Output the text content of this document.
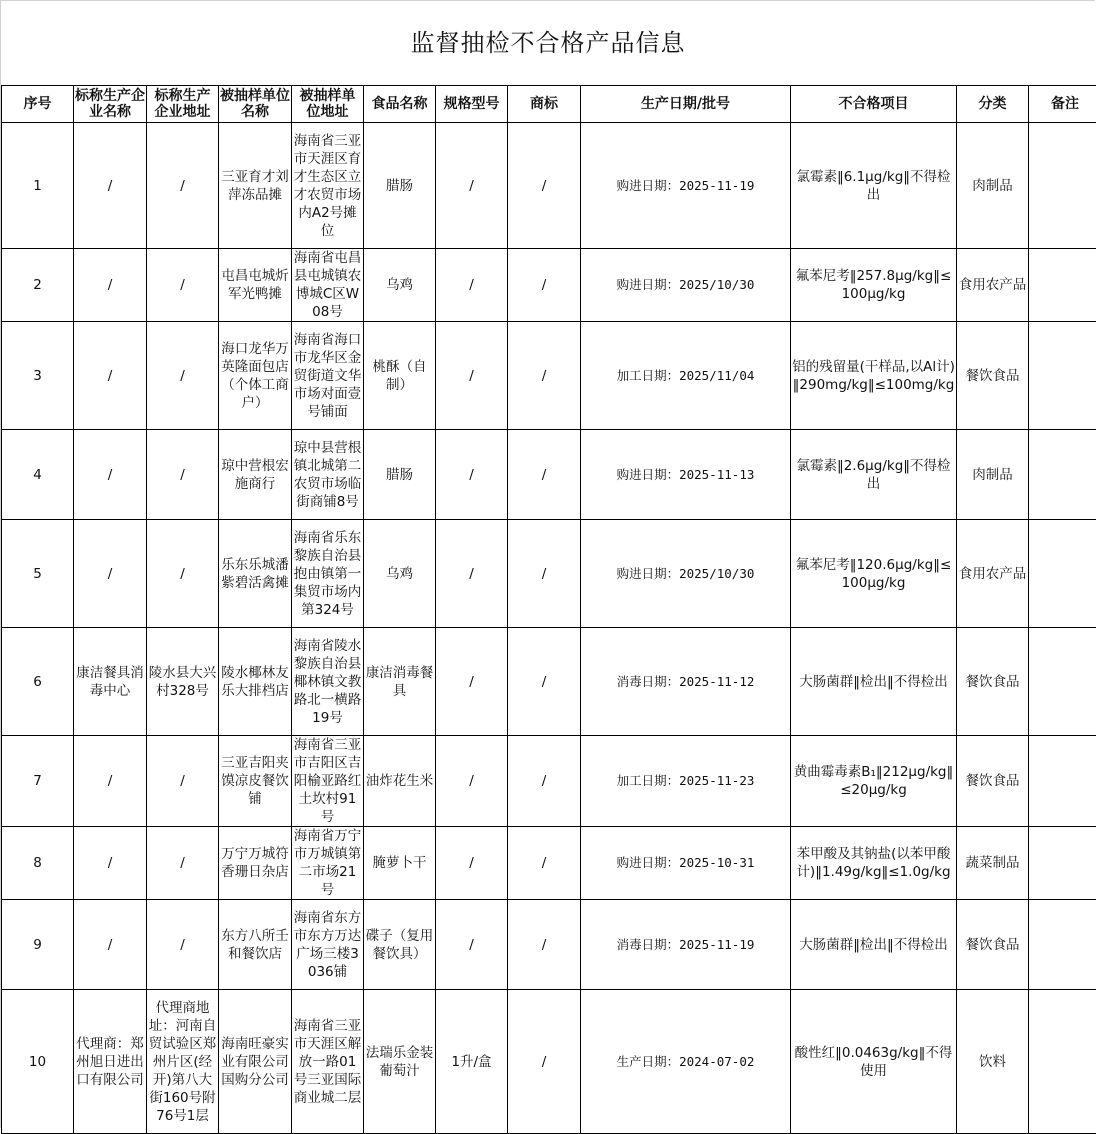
监督抽检不合格产品信息
序号	标称生产企业名称	标称生产企业地址	被抽样单位名称	被抽样单位地址	食品名称	规格型号	商标	生产日期/批号	不合格项目	分类	备注
1	/	/	三亚育才刘萍冻品摊	海南省三亚市天涯区育才生态区立才农贸市场内A2号摊位	腊肠	/	/	购进日期：2025-11-19	氯霉素‖6.1μg/kg‖不得检出	肉制品	
2	/	/	屯昌屯城炘军光鸭摊	海南省屯昌县屯城镇农博城C区W08号	乌鸡	/	/	购进日期：2025/10/30	氟苯尼考‖257.8μg/kg‖≤100μg/kg	食用农产品	
3	/	/	海口龙华万英隆面包店（个体工商户）	海南省海口市龙华区金贸街道文华市场对面壹号铺面	桃酥（自制）	/	/	加工日期：2025/11/04	铝的残留量(干样品,以Al计)‖290mg/kg‖≤100mg/kg	餐饮食品	
4	/	/	琼中营根宏施商行	琼中县营根镇北城第二农贸市场临街商铺8号	腊肠	/	/	购进日期：2025-11-13	氯霉素‖2.6μg/kg‖不得检出	肉制品	
5	/	/	乐东乐城潘紫碧活禽摊	海南省乐东黎族自治县抱由镇第一集贸市场内第324号	乌鸡	/	/	购进日期：2025/10/30	氟苯尼考‖120.6μg/kg‖≤100μg/kg	食用农产品	
6	康洁餐具消毒中心	陵水县大兴村328号	陵水椰林友乐大排档店	海南省陵水黎族自治县椰林镇文教路北一横路19号	康洁消毒餐具	/	/	消毒日期：2025-11-12	大肠菌群‖检出‖不得检出	餐饮食品	
7	/	/	三亚吉阳夹馍凉皮餐饮铺	海南省三亚市吉阳区吉阳榆亚路红土坎村91号	油炸花生米	/	/	加工日期：2025-11-23	黄曲霉毒素B₁‖212μg/kg‖≤20μg/kg	餐饮食品	
8	/	/	万宁万城符香珊日杂店	海南省万宁市万城镇第二市场21号	腌萝卜干	/	/	购进日期：2025-10-31	苯甲酸及其钠盐(以苯甲酸计)‖1.49g/kg‖≤1.0g/kg	蔬菜制品	
9	/	/	东方八所壬和餐饮店	海南省东方市东方万达广场三楼3036铺	碟子（复用餐饮具）	/	/	消毒日期：2025-11-19	大肠菌群‖检出‖不得检出	餐饮食品	
10	代理商：郑州旭日进出口有限公司	代理商地址：河南自贸试验区郑州片区(经开)第八大街160号附76号1层	海南旺豪实业有限公司国购分公司	海南省三亚市天涯区解放一路01号三亚国际商业城二层	法瑞乐金装葡萄汁	1升/盒	/	生产日期：2024-07-02	酸性红‖0.0463g/kg‖不得使用	饮料	
